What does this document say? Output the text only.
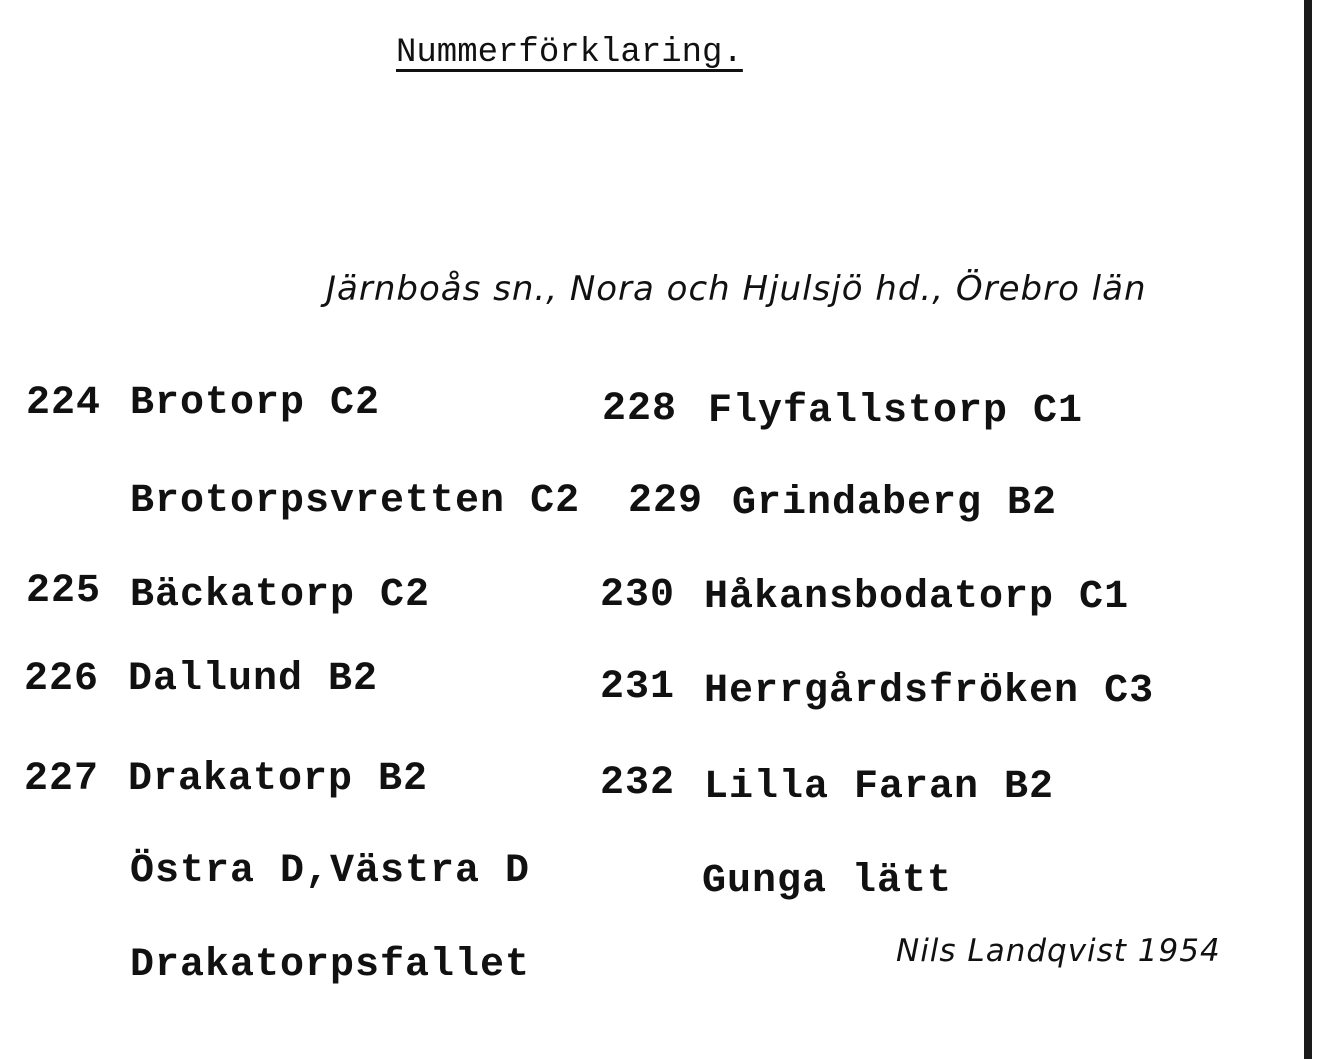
Nummerförklaring.
Järnboås sn., Nora och Hjulsjö hd., Örebro län
224 Brotorp C2
Brotorpsvretten C2
225 Bäckatorp C2
226 Dallund B2
227 Drakatorp B2
Östra D,Västra D
Drakatorpsfallet
228 Flyfallstorp C1
229 Grindaberg B2
230 Håkansbodatorp C1
231 Herrgårdsfröken C3
232 Lilla Faran B2
Gunga lätt
Nils Landqvist 1954
